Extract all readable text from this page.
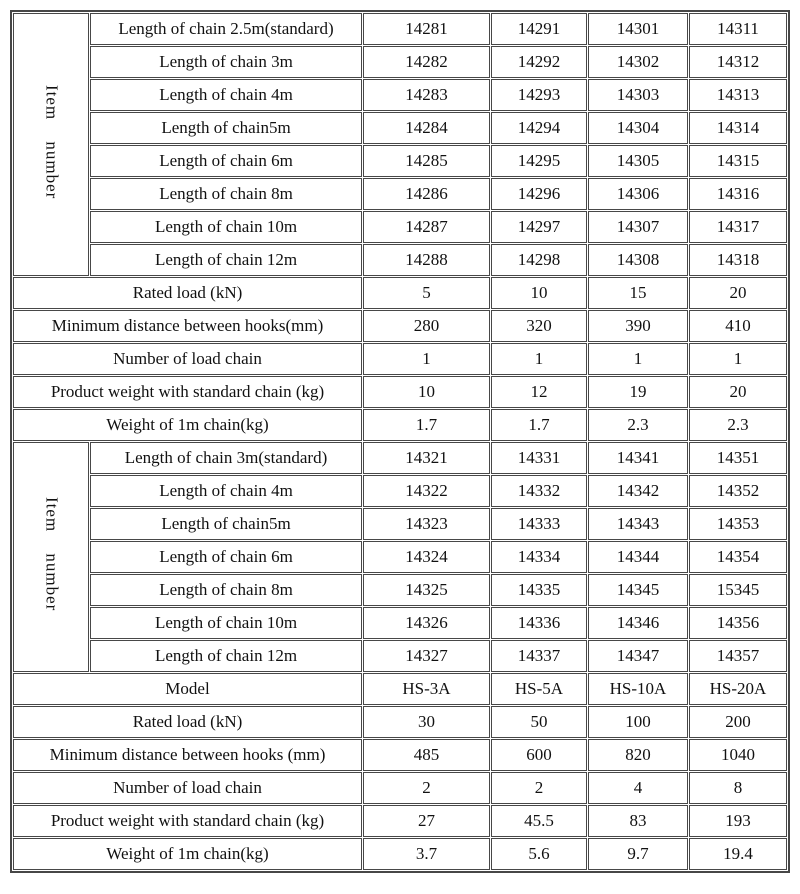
Item number	Length of chain 2.5m(standard)	14281	14291	14301	14311
	Length of chain 3m	14282	14292	14302	14312
	Length of chain 4m	14283	14293	14303	14313
	Length of chain5m	14284	14294	14304	14314
	Length of chain 6m	14285	14295	14305	14315
	Length of chain 8m	14286	14296	14306	14316
	Length of chain 10m	14287	14297	14307	14317
	Length of chain 12m	14288	14298	14308	14318
Rated load (kN)		5	10	15	20
Minimum distance between hooks(mm)		280	320	390	410
Number of load chain		1	1	1	1
Product weight with standard chain (kg)		10	12	19	20
Weight of 1m chain(kg)		1.7	1.7	2.3	2.3
Item number	Length of chain 3m(standard)	14321	14331	14341	14351
	Length of chain 4m	14322	14332	14342	14352
	Length of chain5m	14323	14333	14343	14353
	Length of chain 6m	14324	14334	14344	14354
	Length of chain 8m	14325	14335	14345	15345
	Length of chain 10m	14326	14336	14346	14356
	Length of chain 12m	14327	14337	14347	14357
Model		HS-3A	HS-5A	HS-10A	HS-20A
Rated load (kN)		30	50	100	200
Minimum distance between hooks (mm)		485	600	820	1040
Number of load chain		2	2	4	8
Product weight with standard chain (kg)		27	45.5	83	193
Weight of 1m chain(kg)		3.7	5.6	9.7	19.4
